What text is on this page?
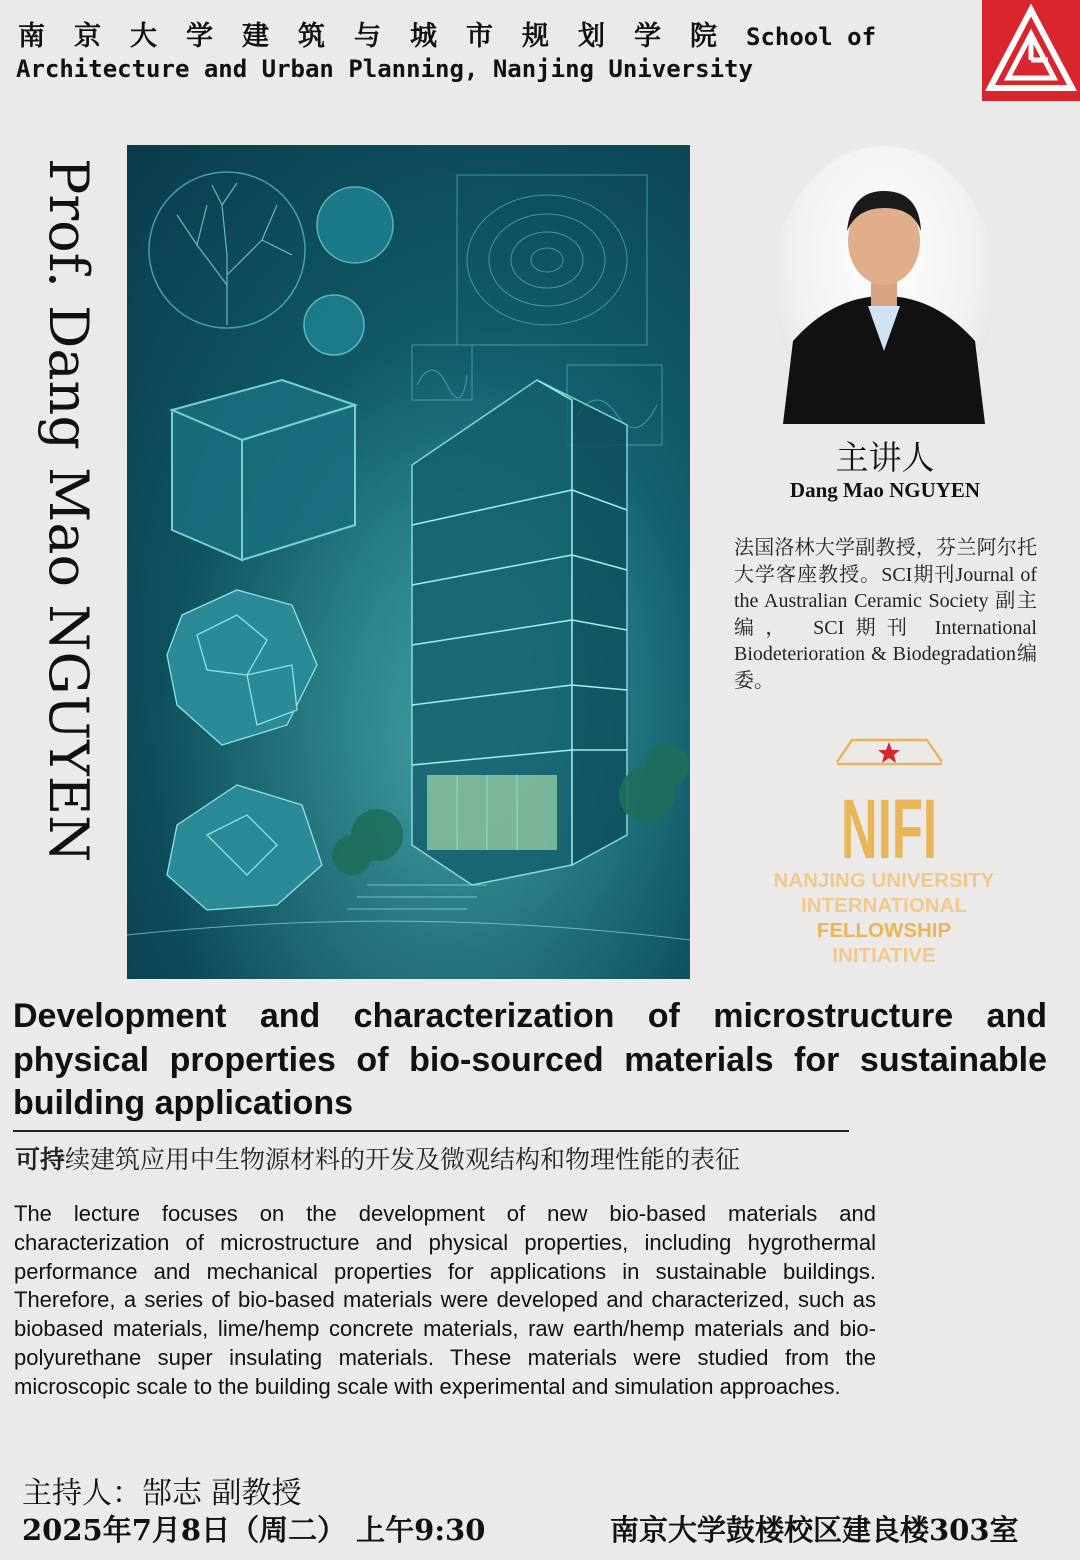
南京大学建筑与城市规划学院School of
Architecture and Urban Planning, Nanjing University
Prof. Dang Mao NGUYEN	主讲人
Dang Mao NGUYEN
法国洛林大学副教授，芬兰阿尔托大学客座教授。SCI期刊Journal of the Australian Ceramic Society 副主编， SCI期刊 International Biodeterioration & Biodegradation编委。
NIFI
NANJING UNIVERSITY
INTERNATIONAL
FELLOWSHIP
INITIATIVE
Development and characterization of microstructure and physical properties of bio-sourced materials for sustainable building applications
可持续建筑应用中生物源材料的开发及微观结构和物理性能的表征
The lecture focuses on the development of new bio-based materials and characterization of microstructure and physical properties, including hygrothermal performance and mechanical properties for applications in sustainable buildings. Therefore, a series of bio-based materials were developed and characterized, such as biobased materials, lime/hemp concrete materials, raw earth/hemp materials and bio-polyurethane super insulating materials. These materials were studied from the microscopic scale to the building scale with experimental and simulation approaches.
主持人：郜志 副教授
2025年7月8日（周二） 上午9:30	南京大学鼓楼校区建良楼303室
